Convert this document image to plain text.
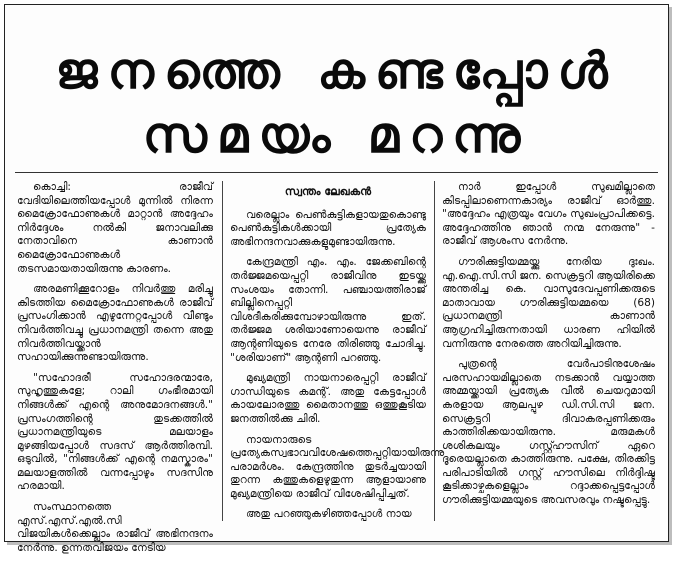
ജനത്തെ കണ്ടപ്പോൾ
സമയം മറന്നു

കൊച്ചി: രാജീവ് വേദിയിലെത്തിയപ്പോൾ മുന്നിൽ നിരന്ന മൈക്രോഫോണുകൾ മാറ്റാൻ അദ്ദേഹം നിർദ്ദേശം നൽകി ജനാവലിക്കു നേതാവിനെ കാണാൻ മൈക്രോഫോണുകൾ തടസമായതായിരുന്നു കാരണം.

അരമണിക്കൂറോളം നിവർത്തു മരിച്ചു കിടത്തിയ മൈക്രോഫോണുകൾ രാജീവ് പ്രസംഗിക്കാൻ എഴുന്നേറ്റപ്പോൾ വീണ്ടും നിവർത്തിവച്ചു പ്രധാനമന്ത്രി തന്നെ അതു നിവർത്തിവയ്ക്കാൻ സഹായിക്കുന്നുണ്ടായിരുന്നു.

"സഹോദരീ സഹോദരന്മാരേ, സുഹൃത്തുകളേ; റാലി ഗംഭീരമായി നിങ്ങൾക്ക് എന്റെ അനുമോദനങ്ങൾ." പ്രസംഗത്തിന്റെ തുടക്കത്തിൽ പ്രധാനമന്ത്രിയുടെ മലയാളം മുഴങ്ങിയപ്പോൾ സദസ് ആർത്തിരമ്പി. ഒടുവിൽ, "നിങ്ങൾക്ക് എന്റെ നമസ്കാരം" മലയാളത്തിൽ വന്നപ്പോഴും സദസിനു ഹരമായി.

സംസ്ഥാനത്തെ എസ്.എസ്.എൽ.സി വിജയികൾക്കെല്ലാം രാജീവ് അഭിനന്ദനം നേർന്നു. ഉന്നതവിജയം നേടിയ

സ്വന്തം ലേഖകൻ

വരെല്ലാം പെൺകുട്ടികളായതുകൊണ്ടു പെൺകുട്ടികൾക്കായി പ്രത്യേക അഭിനന്ദനവാക്കുകളുമുണ്ടായിരുന്നു.

കേന്ദ്രമന്ത്രി എം. എം. ജേക്കബിന്റെ തർജ്ജമയെപ്പറ്റി രാജീവിനു ഇടയ്ക്കു സംശയം തോന്നി. പഞ്ചായത്തിരാജ് ബില്ലിനെപ്പറ്റി വിശദീകരിക്കുമ്പോഴായിരുന്നു ഇത്. തർജ്ജമ ശരിയാണോയെന്നു രാജീവ് ആന്റണിയുടെ നേരേ തിരിഞ്ഞു ചോദിച്ചു. "ശരിയാണ്" ആന്റണി പറഞ്ഞു.

മുഖ്യമന്ത്രി നായനാരെപ്പറ്റി രാജീവ് ഗാന്ധിയുടെ കമന്റ്. അതു കേട്ടപ്പോൾ കായലോരത്തു മൈതാനത്തു ഒത്തുകൂടിയ ജനത്തിൽക്കു ചിരി.

നായനാരുടെ പ്രത്യേകസ്വഭാവവിശേഷത്തെപ്പറ്റിയായിരുന്നു പരാമർശം. കേന്ദ്രത്തിനു തുടർച്ചയായി തുറന്ന കത്തുകളെഴുതുന്ന ആളായാണു മുഖ്യമന്ത്രിയെ രാജീവ് വിശേഷിപ്പിച്ചത്.

അതു പറഞ്ഞുകഴിഞ്ഞപ്പോൾ നായ

നാർ ഇപ്പോൾ സുഖമില്ലാതെ കിടപ്പിലാണെന്നകാര്യം രാജീവ് ഓർത്തു. "അദ്ദേഹം എത്രയും വേഗം സുഖംപ്രാപിക്കട്ടെ. അദ്ദേഹത്തിനു ഞാൻ നന്മ നേരുന്നു" - രാജീവ് ആശംസ നേർന്നു.

ഗൗരിക്കുട്ടിയമ്മയ്ക്കു നേരിയ ദുഃഖം. എ.ഐ.സി.സി ജന. സെക്രട്ടറി ആയിരിക്കെ അന്തരിച്ച കെ. വാസുദേവപ്പണിക്കരുടെ മാതാവായ ഗൗരിക്കുട്ടിയമ്മയെ (68) പ്രധാനമന്ത്രി കാണാൻ ആഗ്രഹിച്ചിരുന്നതായി ധാരണ ഹിയിൽ വന്നിരുന്നു നേരത്തെ അറിയിച്ചിരുന്നു.

പുത്രന്റെ വേർപാടിനുശേഷം പരസഹായമില്ലാതെ നടക്കാൻ വയ്യാത്ത അമ്മയ്ക്കായി പ്രത്യേക വീൽ ചെയറുമായി കരളായ ആലപ്പുഴ ഡി.സി.സി ജന. സെക്രട്ടറി ദിവാകരപ്പണിക്കരും കാത്തിരിക്കയായിരുന്നു. മരുമകൾ ശശികലയും ഗസ്റ്റ്ഹൗസിന് ഏറെ ദൂരെയല്ലാതെ കാത്തിരുന്നു. പക്ഷേ, തിരക്കിട്ട പരിപാടിയിൽ ഗസ്റ്റ് ഹൗസിലെ നിർദ്ദിഷ്ട കൂടിക്കാഴ്ചകളെല്ലാം റദ്ദാക്കപ്പെട്ടപ്പോൾ ഗൗരിക്കുട്ടിയമ്മയുടെ അവസരവും നഷ്ടപ്പെട്ടു.
